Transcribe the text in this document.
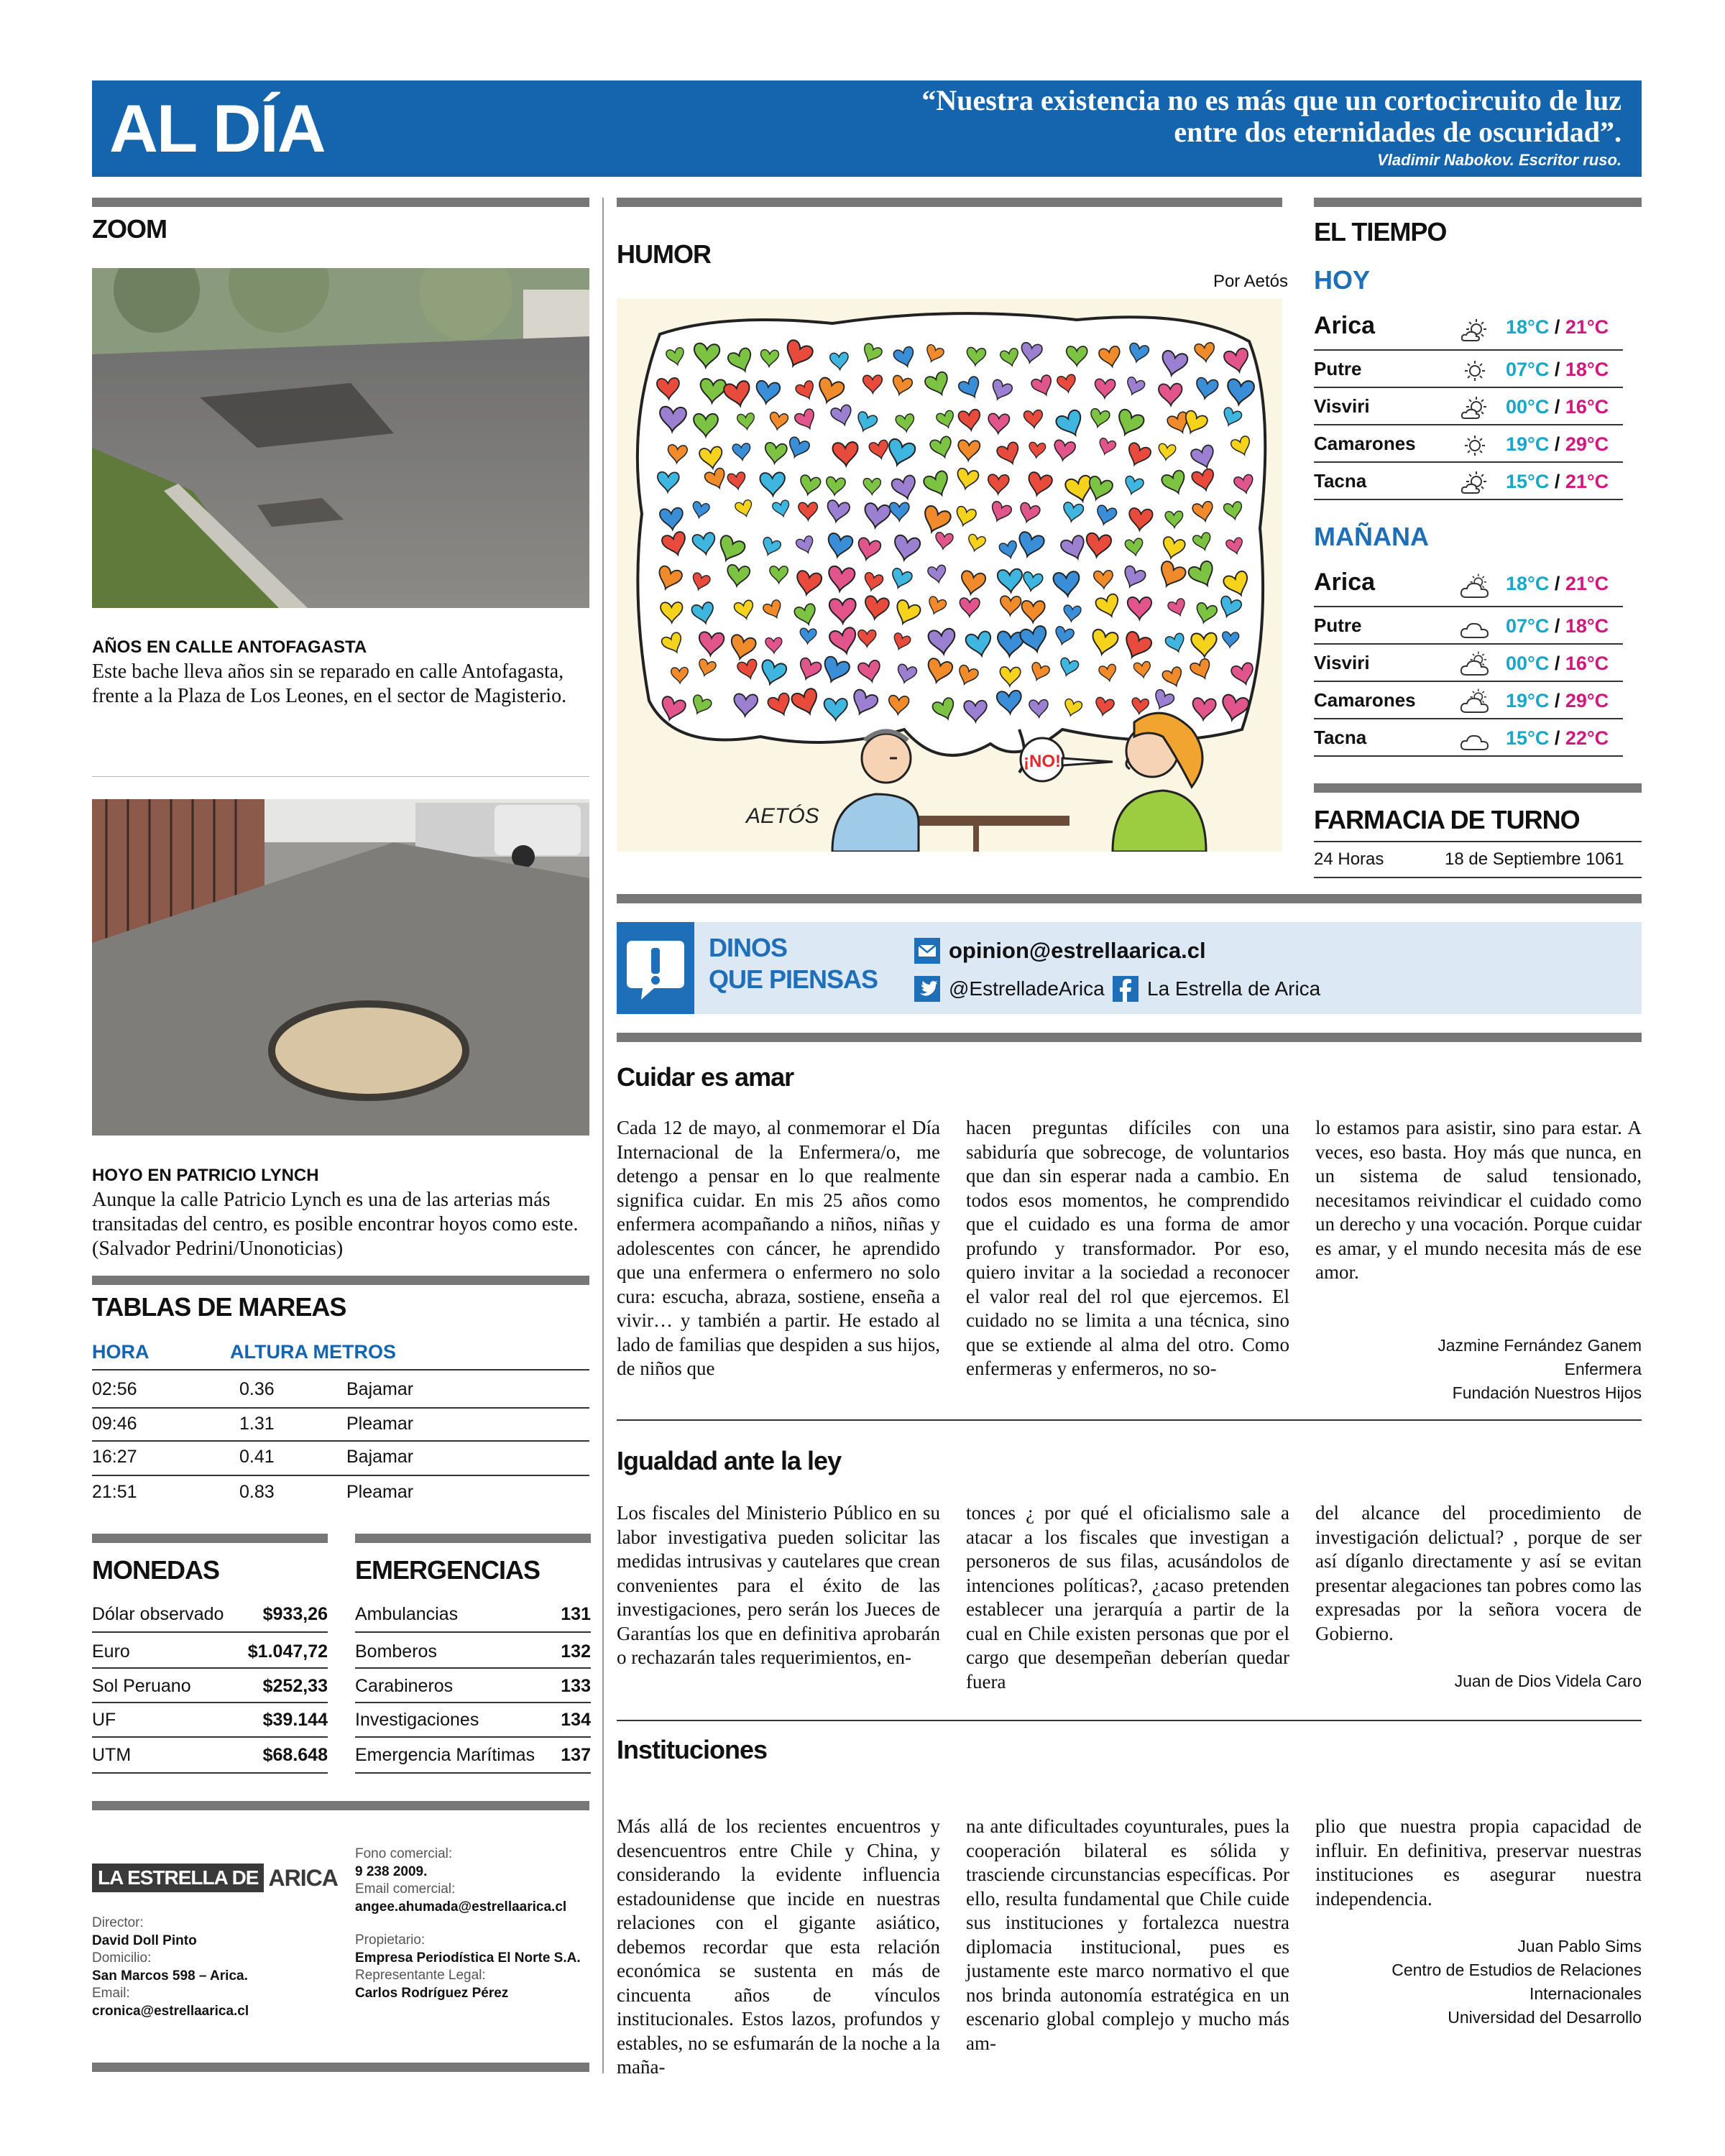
AL DÍA	“Nuestra existencia no es más que un cortocircuito de luz
entre dos eternidades de oscuridad”.
Vladimir Nabokov. Escritor ruso.
ZOOM
AÑOS EN CALLE ANTOFAGASTA
Este bache lleva años sin se reparado en calle Antofagasta, frente a la Plaza de Los Leones, en el sector de Magisterio.
HOYO EN PATRICIO LYNCH
Aunque la calle Patricio Lynch es una de las arterias más transitadas del centro, es posible encontrar hoyos como este. (Salvador Pedrini/Unonoticias)
TABLAS DE MAREAS
HORA	ALTURA METROS
02:56	0.36	Bajamar
09:46	1.31	Pleamar
16:27	0.41	Bajamar
21:51	0.83	Pleamar
MONEDAS
Dólar observado $933,26
Euro	$1.047,72
Sol Peruano	$252,33
UF	$39.144
UTM	$68.648
EMERGENCIAS
Ambulancias	131
Bomberos	132
Carabineros	133
Investigaciones	134
Emergencia Marítimas 137
LA ESTRELLA DE ARICA
Director:
David Doll Pinto
Domicilio:
San Marcos 598 – Arica.
Email:
cronica@estrellaarica.cl
Fono comercial:
9 238 2009.
Email comercial:
angee.ahumada@estrellaarica.cl
Propietario:
Empresa Periodística El Norte S.A.
Representante Legal:
Carlos Rodríguez Pérez
HUMOR
Por Aetós
¡NO!
AETÓS
EL TIEMPO
HOY
Arica	18°C / 21°C
Putre	07°C / 18°C
Visviri	00°C / 16°C
Camarones	19°C / 29°C
Tacna	15°C / 21°C
MAÑANA
Arica	18°C / 21°C
Putre	07°C / 18°C
Visviri	00°C / 16°C
Camarones	19°C / 29°C
Tacna	15°C / 22°C
FARMACIA DE TURNO
24 Horas	18 de Septiembre 1061
DINOS
QUE PIENSAS
opinion@estrellaarica.cl
@EstrelladeArica La Estrella de Arica
Cuidar es amar
Cada 12 de mayo, al conmemorar el Día Internacional de la Enfermera/o, me detengo a pensar en lo que realmente significa cuidar. En mis 25 años como enfermera acompañando a niños, niñas y adolescentes con cáncer, he aprendido que una enfermera o enfermero no solo cura: escucha, abraza, sostiene, enseña a vivir… y también a partir. He estado al lado de familias que despiden a sus hijos, de niños que
hacen preguntas difíciles con una sabiduría que sobrecoge, de voluntarios que dan sin esperar nada a cambio. En todos esos momentos, he comprendido que el cuidado es una forma de amor profundo y transformador. Por eso, quiero invitar a la sociedad a reconocer el valor real del rol que ejercemos. El cuidado no se limita a una técnica, sino que se extiende al alma del otro. Como enfermeras y enfermeros, no so-
lo estamos para asistir, sino para estar. A veces, eso basta. Hoy más que nunca, en un sistema de salud tensionado, necesitamos reivindicar el cuidado como un derecho y una vocación. Porque cuidar es amar, y el mundo necesita más de ese amor.
Jazmine Fernández Ganem
Enfermera
Fundación Nuestros Hijos
Igualdad ante la ley
Los fiscales del Ministerio Público en su labor investigativa pueden solicitar las medidas intrusivas y cautelares que crean convenientes para el éxito de las investigaciones, pero serán los Jueces de Garantías los que en definitiva aprobarán o rechazarán tales requerimientos, en-
tonces ¿ por qué el oficialismo sale a atacar a los fiscales que investigan a personeros de sus filas, acusándolos de intenciones políticas?, ¿acaso pretenden establecer una jerarquía a partir de la cual en Chile existen personas que por el cargo que desempeñan deberían quedar fuera
del alcance del procedimiento de investigación delictual? , porque de ser así díganlo directamente y así se evitan presentar alegaciones tan pobres como las expresadas por la señora vocera de Gobierno.
Juan de Dios Videla Caro
Instituciones
Más allá de los recientes encuentros y desencuentros entre Chile y China, y considerando la evidente influencia estadounidense que incide en nuestras relaciones con el gigante asiático, debemos recordar que esta relación económica se sustenta en más de cincuenta años de vínculos institucionales. Estos lazos, profundos y estables, no se esfumarán de la noche a la maña-
na ante dificultades coyunturales, pues la cooperación bilateral es sólida y trasciende circunstancias específicas. Por ello, resulta fundamental que Chile cuide sus instituciones y fortalezca nuestra diplomacia institucional, pues es justamente este marco normativo el que nos brinda autonomía estratégica en un escenario global complejo y mucho más am-
plio que nuestra propia capacidad de influir. En definitiva, preservar nuestras instituciones es asegurar nuestra independencia.
Juan Pablo Sims
Centro de Estudios de Relaciones
Internacionales
Universidad del Desarrollo
